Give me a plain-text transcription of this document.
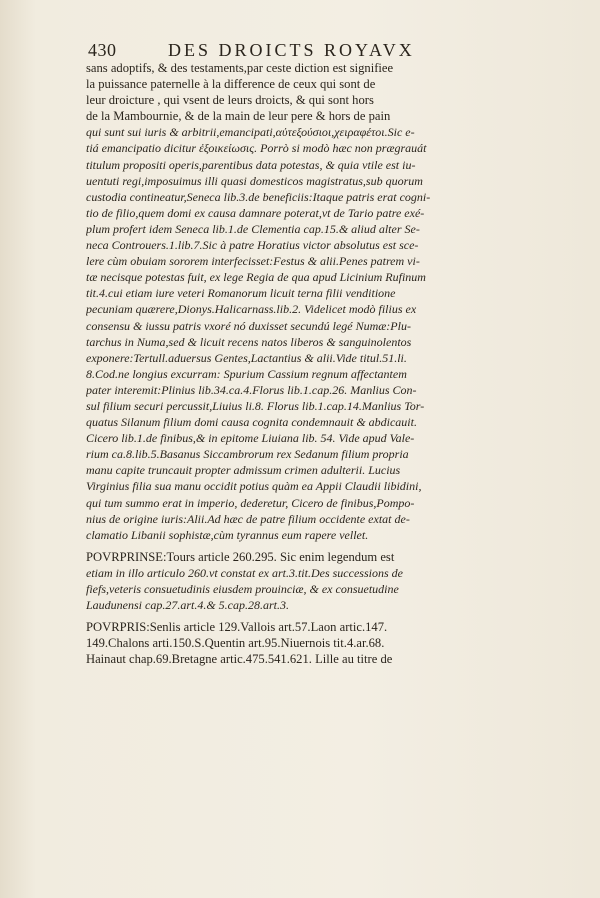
430	DES DROICTS ROYAVX
sans adoptifs, & des testaments,par ceste diction est signifiee
la puissance paternelle à la difference de ceux qui sont de
leur droicture , qui vsent de leurs droicts, & qui sont hors
de la Mambournie, & de la main de leur pere & hors de pain
qui sunt sui iuris & arbitrii,emancipati,αὐτεξούσιοι,χειραφέτοι.Sic e-
tiá emancipatio dicitur ἐξοικείωσις. Porrò si modò hæc non prægrauát
titulum propositi operis,parentibus data potestas, & quia vtile est iu-
uentuti regi,imposuimus illi quasi domesticos magistratus,sub quorum
custodia contineatur,Seneca lib.3.de beneficiis:Itaque patris erat cogni-
tio de filio,quem domi ex causa damnare poterat,vt de Tario patre exé-
plum profert idem Seneca lib.1.de Clementia cap.15.& aliud alter Se-
neca Controuers.1.lib.7.Sic à patre Horatius victor absolutus est sce-
lere cùm obuiam sororem interfecisset:Festus & alii.Penes patrem vi-
tæ necisque potestas fuit, ex lege Regia de qua apud Licinium Rufinum
tit.4.cui etiam iure veteri Romanorum licuit terna filii venditione
pecuniam quærere,Dionys.Halicarnass.lib.2. Videlicet modò filius ex
consensu & iussu patris vxoré nó duxisset secundú legé Numæ:Plu-
tarchus in Numa,sed & licuit recens natos liberos & sanguinolentos
exponere:Tertull.aduersus Gentes,Lactantius & alii.Vide titul.51.li.
8.Cod.ne longius excurram: Spurium Cassium regnum affectantem
pater interemit:Plinius lib.34.ca.4.Florus lib.1.cap.26. Manlius Con-
sul filium securi percussit,Liuius li.8. Florus lib.1.cap.14.Manlius Tor-
quatus Silanum filium domi causa cognita condemnauit & abdicauit.
Cicero lib.1.de finibus,& in epitome Liuiana lib. 54. Vide apud Vale-
rium ca.8.lib.5.Basanus Siccambrorum rex Sedanum filium propria
manu capite truncauit propter admissum crimen adulterii. Lucius
Virginius filia sua manu occidit potius quàm ea Appii Claudii libidini,
qui tum summo erat in imperio, dederetur, Cicero de finibus,Pompo-
nius de origine iuris:Alii.Ad hæc de patre filium occidente extat de-
clamatio Libanii sophistæ,cùm tyrannus eum rapere vellet.
POVRPRINSE:Tours article 260.295. Sic enim legendum est
etiam in illo articulo 260.vt constat ex art.3.tit.Des successions de
fiefs,veteris consuetudinis eiusdem prouinciæ, & ex consuetudine
Laudunensi cap.27.art.4.& 5.cap.28.art.3.
POVRPRIS:Senlis article 129.Vallois art.57.Laon artic.147.
149.Chalons arti.150.S.Quentin art.95.Niuernois tit.4.ar.68.
Hainaut chap.69.Bretagne artic.475.541.621. Lille au titre de
